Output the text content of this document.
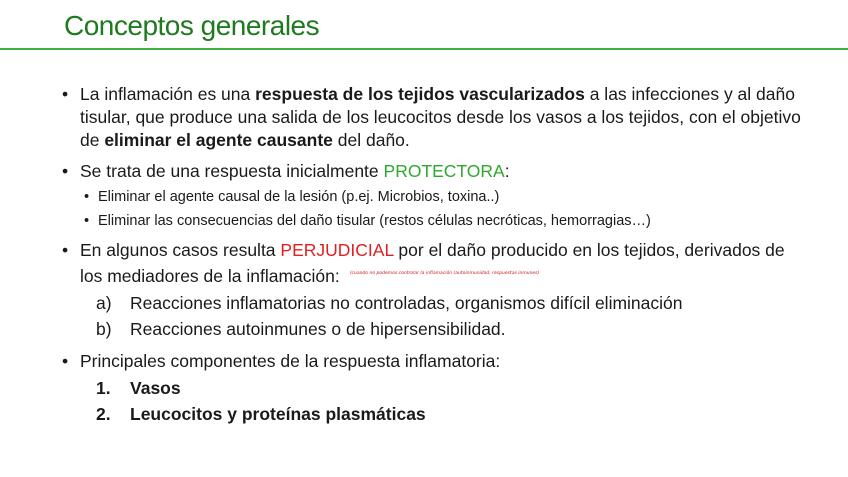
Conceptos generales
• La inflamación es una respuesta de los tejidos vascularizados a las infecciones y al daño tisular, que produce una salida de los leucocitos desde los vasos a los tejidos, con el objetivo de eliminar el agente causante del daño.
• Se trata de una respuesta inicialmente PROTECTORA:
• Eliminar el agente causal de la lesión (p.ej. Microbios, toxina..)
• Eliminar las consecuencias del daño tisular (restos células necróticas, hemorragias…)
• En algunos casos resulta PERJUDICIAL por el daño producido en los tejidos, derivados de los mediadores de la inflamación: $^{(cuando no podemos controlar la inflamación (autoinmunidad, respuestas inmunes)}$
a) Reacciones inflamatorias no controladas, organismos difícil eliminación
b) Reacciones autoinmunes o de hipersensibilidad.
• Principales componentes de la respuesta inflamatoria:
1. Vasos
2. Leucocitos y proteínas plasmáticas
